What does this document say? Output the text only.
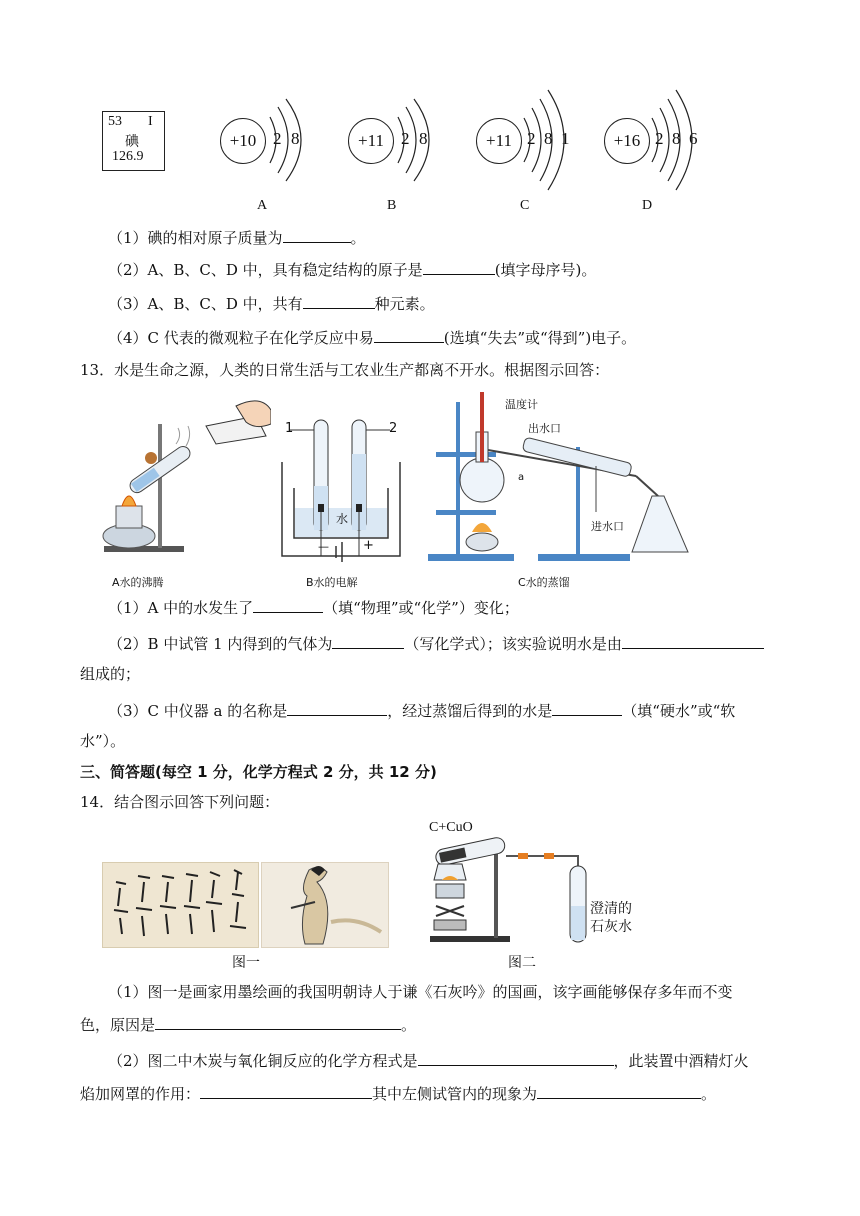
53 I
碘
126.9
+10 2 8
A
+11	2 8
B
+11 2 8 1
C
+16 2 8 6
D
（1）碘的相对原子质量为	。
（2）A、B、C、D 中，具有稳定结构的原子是	(填字母序号)。
（3）A、B、C、D 中，共有	种元素。
（4）C 代表的微观粒子在化学反应中易	(选填“失去”或“得到”)电子。
13．水是生命之源，人类的日常生活与工农业生产都离不开水。根据图示回答：
A水的沸腾
1	2
水
—	+
B水的电解
温度计
出水口
a
进水口
C水的蒸馏
（1）A 中的水发生了	（填“物理”或“化学”）变化；
（2）B 中试管 1 内得到的气体为	（写化学式）；该实验说明水是由
组成的；
（3）C 中仪器 a 的名称是	，经过蒸馏后得到的水是	（填“硬水”或“软
水”）。
三、简答题(每空 1 分，化学方程式 2 分，共 12 分)
14．结合图示回答下列问题：
图一
C+CuO
澄清的
石灰水
图二
（1）图一是画家用墨绘画的我国明朝诗人于谦《石灰吟》的国画，该字画能够保存多年而不变
色，原因是	。
（2）图二中木炭与氧化铜反应的化学方程式是	，此装置中酒精灯火
焰加网罩的作用：	其中左侧试管内的现象为	。
